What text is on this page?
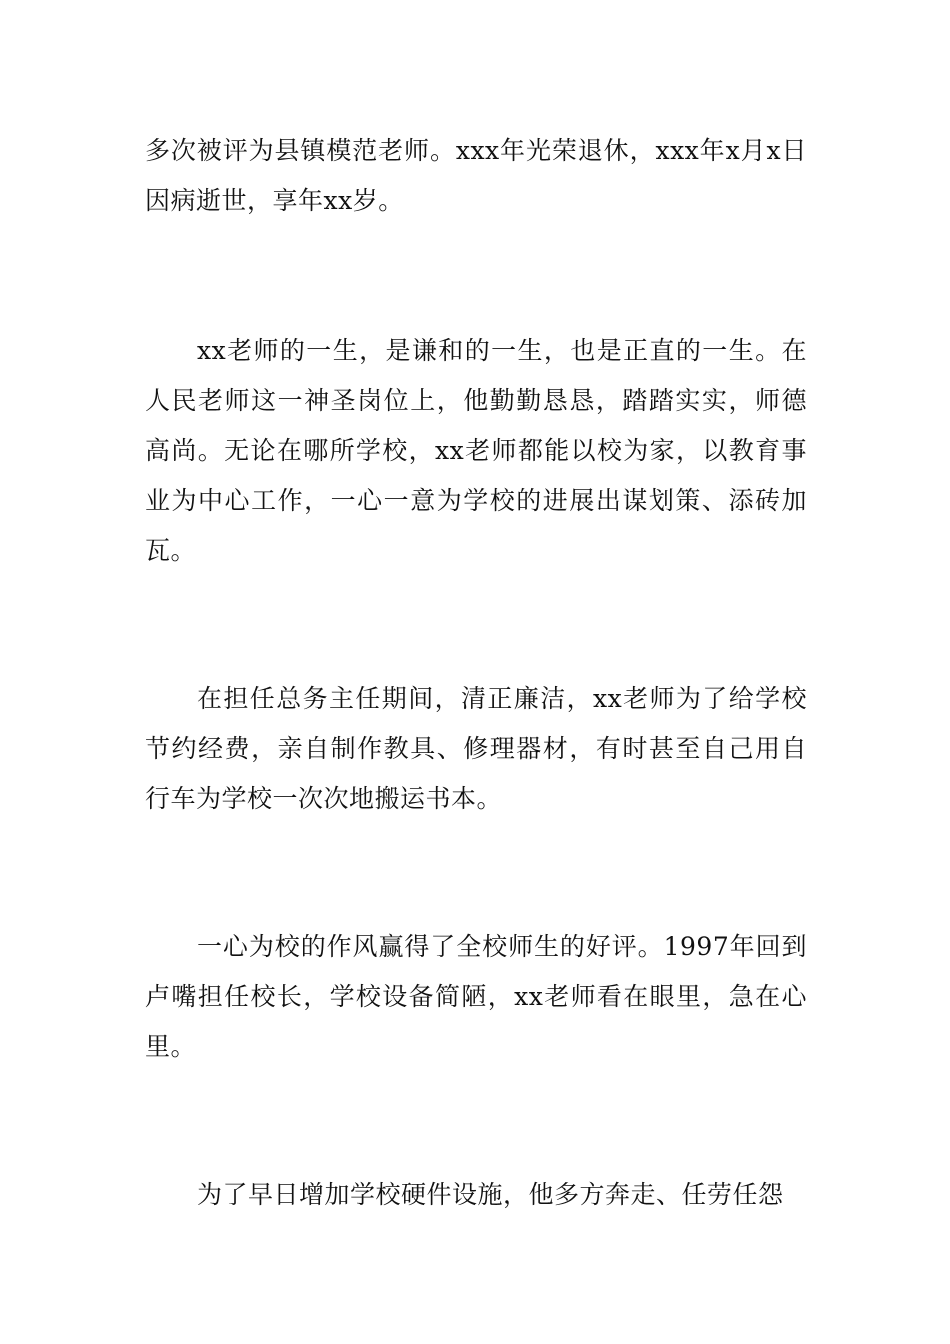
多次被评为县镇模范老师。xxx年光荣退休，xxx年x月x日因病逝世，享年xx岁。

xx老师的一生，是谦和的一生，也是正直的一生。在人民老师这一神圣岗位上，他勤勤恳恳，踏踏实实，师德高尚。无论在哪所学校，xx老师都能以校为家，以教育事业为中心工作，一心一意为学校的进展出谋划策、添砖加瓦。

在担任总务主任期间，清正廉洁，xx老师为了给学校节约经费，亲自制作教具、修理器材，有时甚至自己用自行车为学校一次次地搬运书本。

一心为校的作风赢得了全校师生的好评。1997年回到卢嘴担任校长，学校设备简陋，xx老师看在眼里，急在心里。

为了早日增加学校硬件设施，他多方奔走、任劳任怨
